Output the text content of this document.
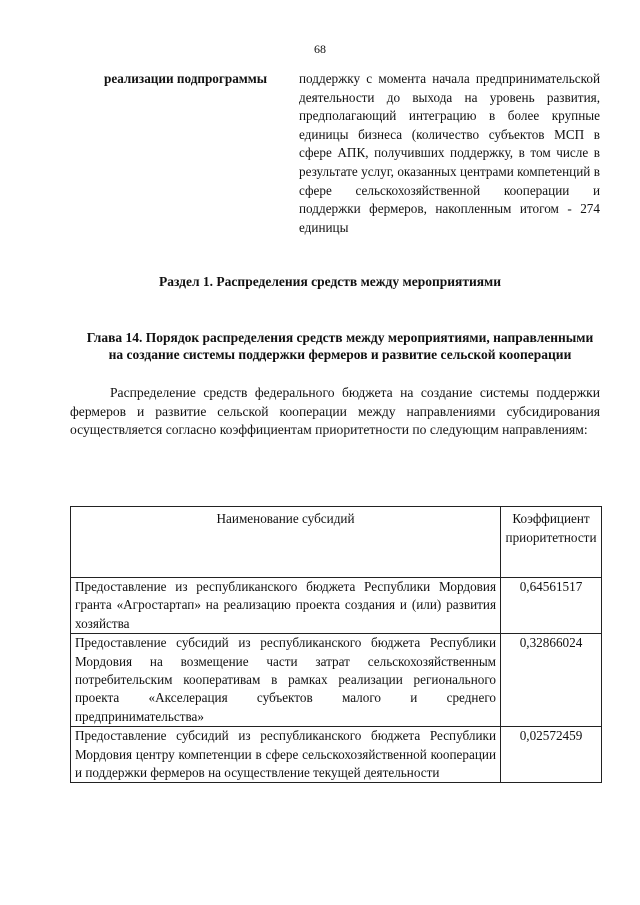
68
реализации подпрограммы	поддержку с момента начала предпринимательской деятельности до выхода на уровень развития, предполагающий интеграцию в более крупные единицы бизнеса (количество субъектов МСП в сфере АПК, получивших поддержку, в том числе в результате услуг, оказанных центрами компетенций в сфере сельскохозяйственной кооперации и поддержки фермеров, накопленным итогом - 274 единицы
Раздел 1. Распределения средств между мероприятиями
Глава 14. Порядок распределения средств между мероприятиями, направленными на создание системы поддержки фермеров и развитие сельской кооперации
Распределение средств федерального бюджета на создание системы поддержки фермеров и развитие сельской кооперации между направлениями субсидирования осуществляется согласно коэффициентам приоритетности по следующим направлениям:
Наименование субсидий	Коэффициент приоритетности
Предоставление из республиканского бюджета Республики Мордовия гранта «Агростартап» на реализацию проекта создания и (или) развития хозяйства	0,64561517
Предоставление субсидий из республиканского бюджета Республики Мордовия на возмещение части затрат сельскохозяйственным потребительским кооперативам в рамках реализации регионального проекта «Акселерация субъектов малого и среднего предпринимательства»	0,32866024
Предоставление субсидий из республиканского бюджета Республики Мордовия центру компетенции в сфере сельскохозяйственной кооперации и поддержки фермеров на осуществление текущей деятельности	0,02572459
